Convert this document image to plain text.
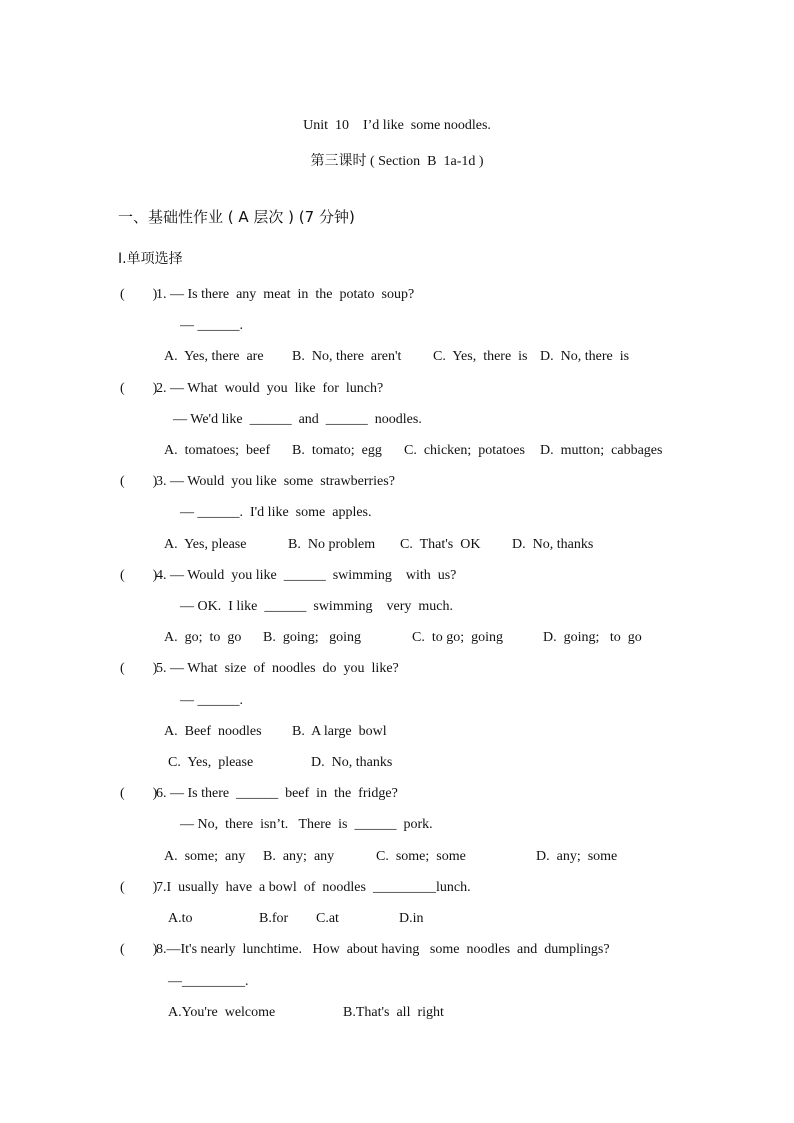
Unit  10    I’d like  some noodles.
第三课时 ( Section  B  1a-1d )
一、基础性作业 ( A 层次 ) (7 分钟)
I.单项选择
(        )
1. — Is there  any  meat  in  the  potato  soup?
— ______.
A.  Yes, there  are B.  No, there  aren't C.  Yes,  there  is D.  No, there  is
(        )
2. — What  would  you  like  for  lunch?
— We'd like  ______  and  ______  noodles.
A.  tomatoes;  beef B.  tomato;  egg C.  chicken;  potatoes D.  mutton;  cabbages
(        )
3. — Would  you like  some  strawberries?
— ______.  I'd like  some  apples.
A.  Yes, please	B.  No problem C.  That's  OK D.  No, thanks
(        )
4. — Would  you like  ______  swimming    with  us?
— OK.  I like  ______  swimming    very  much.
A.  go;  to  go B.  going;   going	C.  to go;  going	D.  going;   to  go
(        )
5. — What  size  of  noodles  do  you  like?
— ______.
A.  Beef  noodles B.  A large  bowl
C.  Yes,  please	D.  No, thanks
(        )
6. — Is there  ______  beef  in  the  fridge?
— No,  there  isn’t.   There  is  ______  pork.
A.  some;  any B.  any;  any	C.  some;  some	D.  any;  some
(        )
7.I  usually  have  a bowl  of  noodles  _________lunch.
A.to	B.for C.at	D.in
(        )
8.—It's nearly  lunchtime.   How  about having   some  noodles  and  dumplings?
—_________.
A.You're  welcome	B.That's  all  right
